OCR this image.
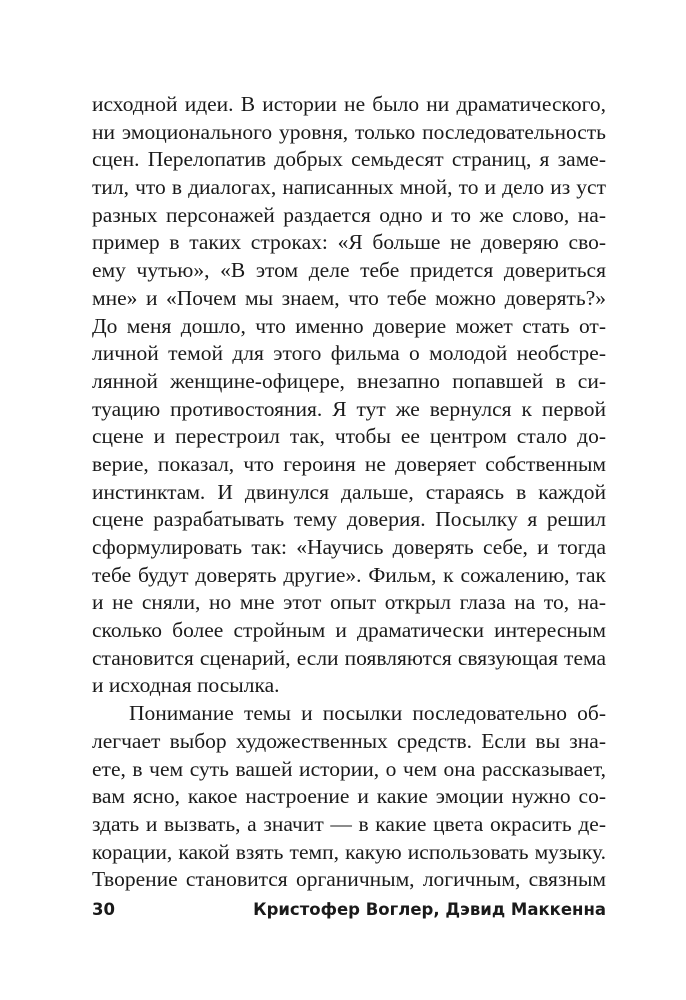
исходной идеи. В истории не было ни драматического,
ни эмоционального уровня, только последовательность
сцен. Перелопатив добрых семьдесят страниц, я заме-
тил, что в диалогах, написанных мной, то и дело из уст
разных персонажей раздается одно и то же слово, на-
пример в таких строках: «Я больше не доверяю сво-
ему чутью», «В этом деле тебе придется довериться
мне» и «Почем мы знаем, что тебе можно доверять?»
До меня дошло, что именно доверие может стать от-
личной темой для этого фильма о молодой необстре-
лянной женщине-офицере, внезапно попавшей в си-
туацию противостояния. Я тут же вернулся к первой
сцене и перестроил так, чтобы ее центром стало до-
верие, показал, что героиня не доверяет собственным
инстинктам. И двинулся дальше, стараясь в каждой
сцене разрабатывать тему доверия. Посылку я решил
сформулировать так: «Научись доверять себе, и тогда
тебе будут доверять другие». Фильм, к сожалению, так
и не сняли, но мне этот опыт открыл глаза на то, на-
сколько более стройным и драматически интересным
становится сценарий, если появляются связующая тема
и исходная посылка.
Понимание темы и посылки последовательно об-
легчает выбор художественных средств. Если вы зна-
ете, в чем суть вашей истории, о чем она рассказывает,
вам ясно, какое настроение и какие эмоции нужно со-
здать и вызвать, а значит — в какие цвета окрасить де-
корации, какой взять темп, какую использовать музыку.
Творение становится органичным, логичным, связным
30	Кристофер Воглер, Дэвид Маккенна
